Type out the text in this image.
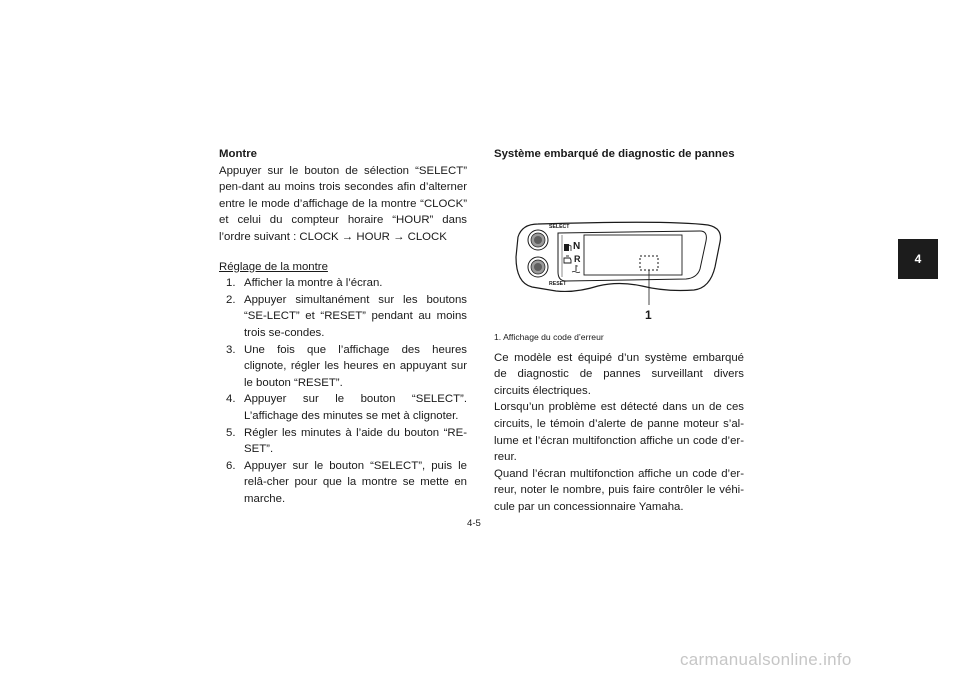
Montre

Appuyer sur le bouton de sélection “SELECT” pen-dant au moins trois secondes afin d’alterner entre le mode d’affichage de la montre “CLOCK” et celui du compteur horaire “HOUR” dans l’ordre suivant : CLOCK → HOUR → CLOCK

Réglage de la montre

1. Afficher la montre à l’écran.
2. Appuyer simultanément sur les boutons “SE-LECT” et “RESET” pendant au moins trois se-condes.
3. Une fois que l’affichage des heures clignote, régler les heures en appuyant sur le bouton “RESET”.
4. Appuyer sur le bouton “SELECT”. L’affichage des minutes se met à clignoter.
5. Régler les minutes à l’aide du bouton “RE-SET”.
6. Appuyer sur le bouton “SELECT”, puis le relâ-cher pour que la montre se mette en marche.

Système embarqué de diagnostic de pannes

1
SELECT
RESET
N
R

1. Affichage du code d’erreur

Ce modèle est équipé d’un système embarqué de diagnostic de pannes surveillant divers circuits électriques.

Lorsqu’un problème est détecté dans un de ces circuits, le témoin d’alerte de panne moteur s’al-lume et l’écran multifonction affiche un code d’er-reur.

Quand l’écran multifonction affiche un code d’er-reur, noter le nombre, puis faire contrôler le véhi-cule par un concessionnaire Yamaha.

4
4-5
carmanualsonline.info
